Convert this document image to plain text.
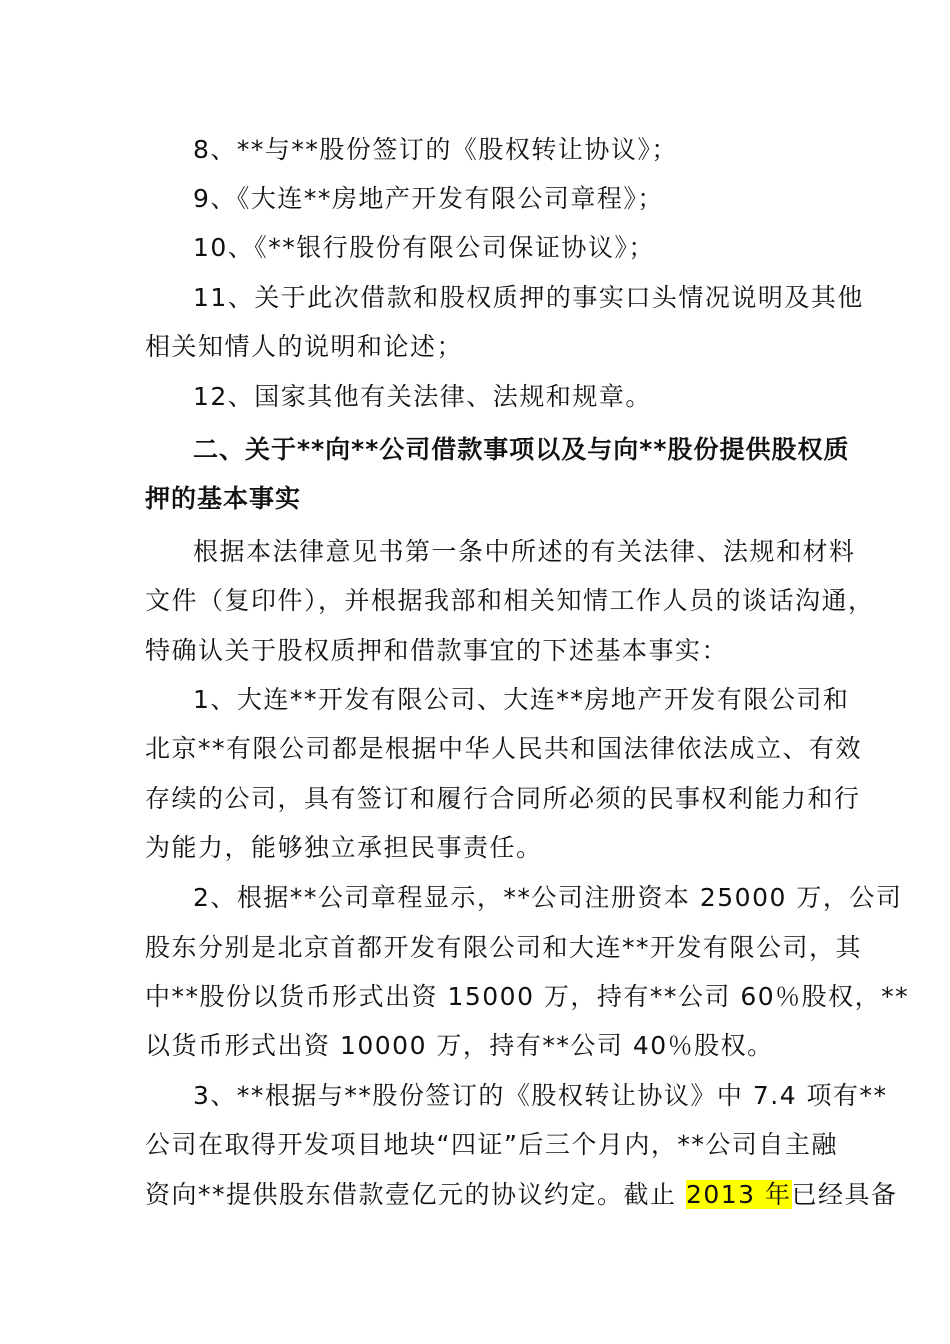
8、**与**股份签订的《股权转让协议》；
9、《大连**房地产开发有限公司章程》；
10、《**银行股份有限公司保证协议》；
11、关于此次借款和股权质押的事实口头情况说明及其他
相关知情人的说明和论述；
12、国家其他有关法律、法规和规章。
二、关于**向**公司借款事项以及与向**股份提供股权质
押的基本事实
根据本法律意见书第一条中所述的有关法律、法规和材料
文件（复印件），并根据我部和相关知情工作人员的谈话沟通，
特确认关于股权质押和借款事宜的下述基本事实：
1、大连**开发有限公司、大连**房地产开发有限公司和
北京**有限公司都是根据中华人民共和国法律依法成立、有效
存续的公司，具有签订和履行合同所必须的民事权利能力和行
为能力，能够独立承担民事责任。
2、根据**公司章程显示，**公司注册资本 25000 万，公司
股东分别是北京首都开发有限公司和大连**开发有限公司，其
中**股份以货币形式出资 15000 万，持有**公司 60％股权，**
以货币形式出资 10000 万，持有**公司 40％股权。
3、**根据与**股份签订的《股权转让协议》中 7.4 项有**
公司在取得开发项目地块“四证”后三个月内，**公司自主融
资向**提供股东借款壹亿元的协议约定。截止 2013 年已经具备
